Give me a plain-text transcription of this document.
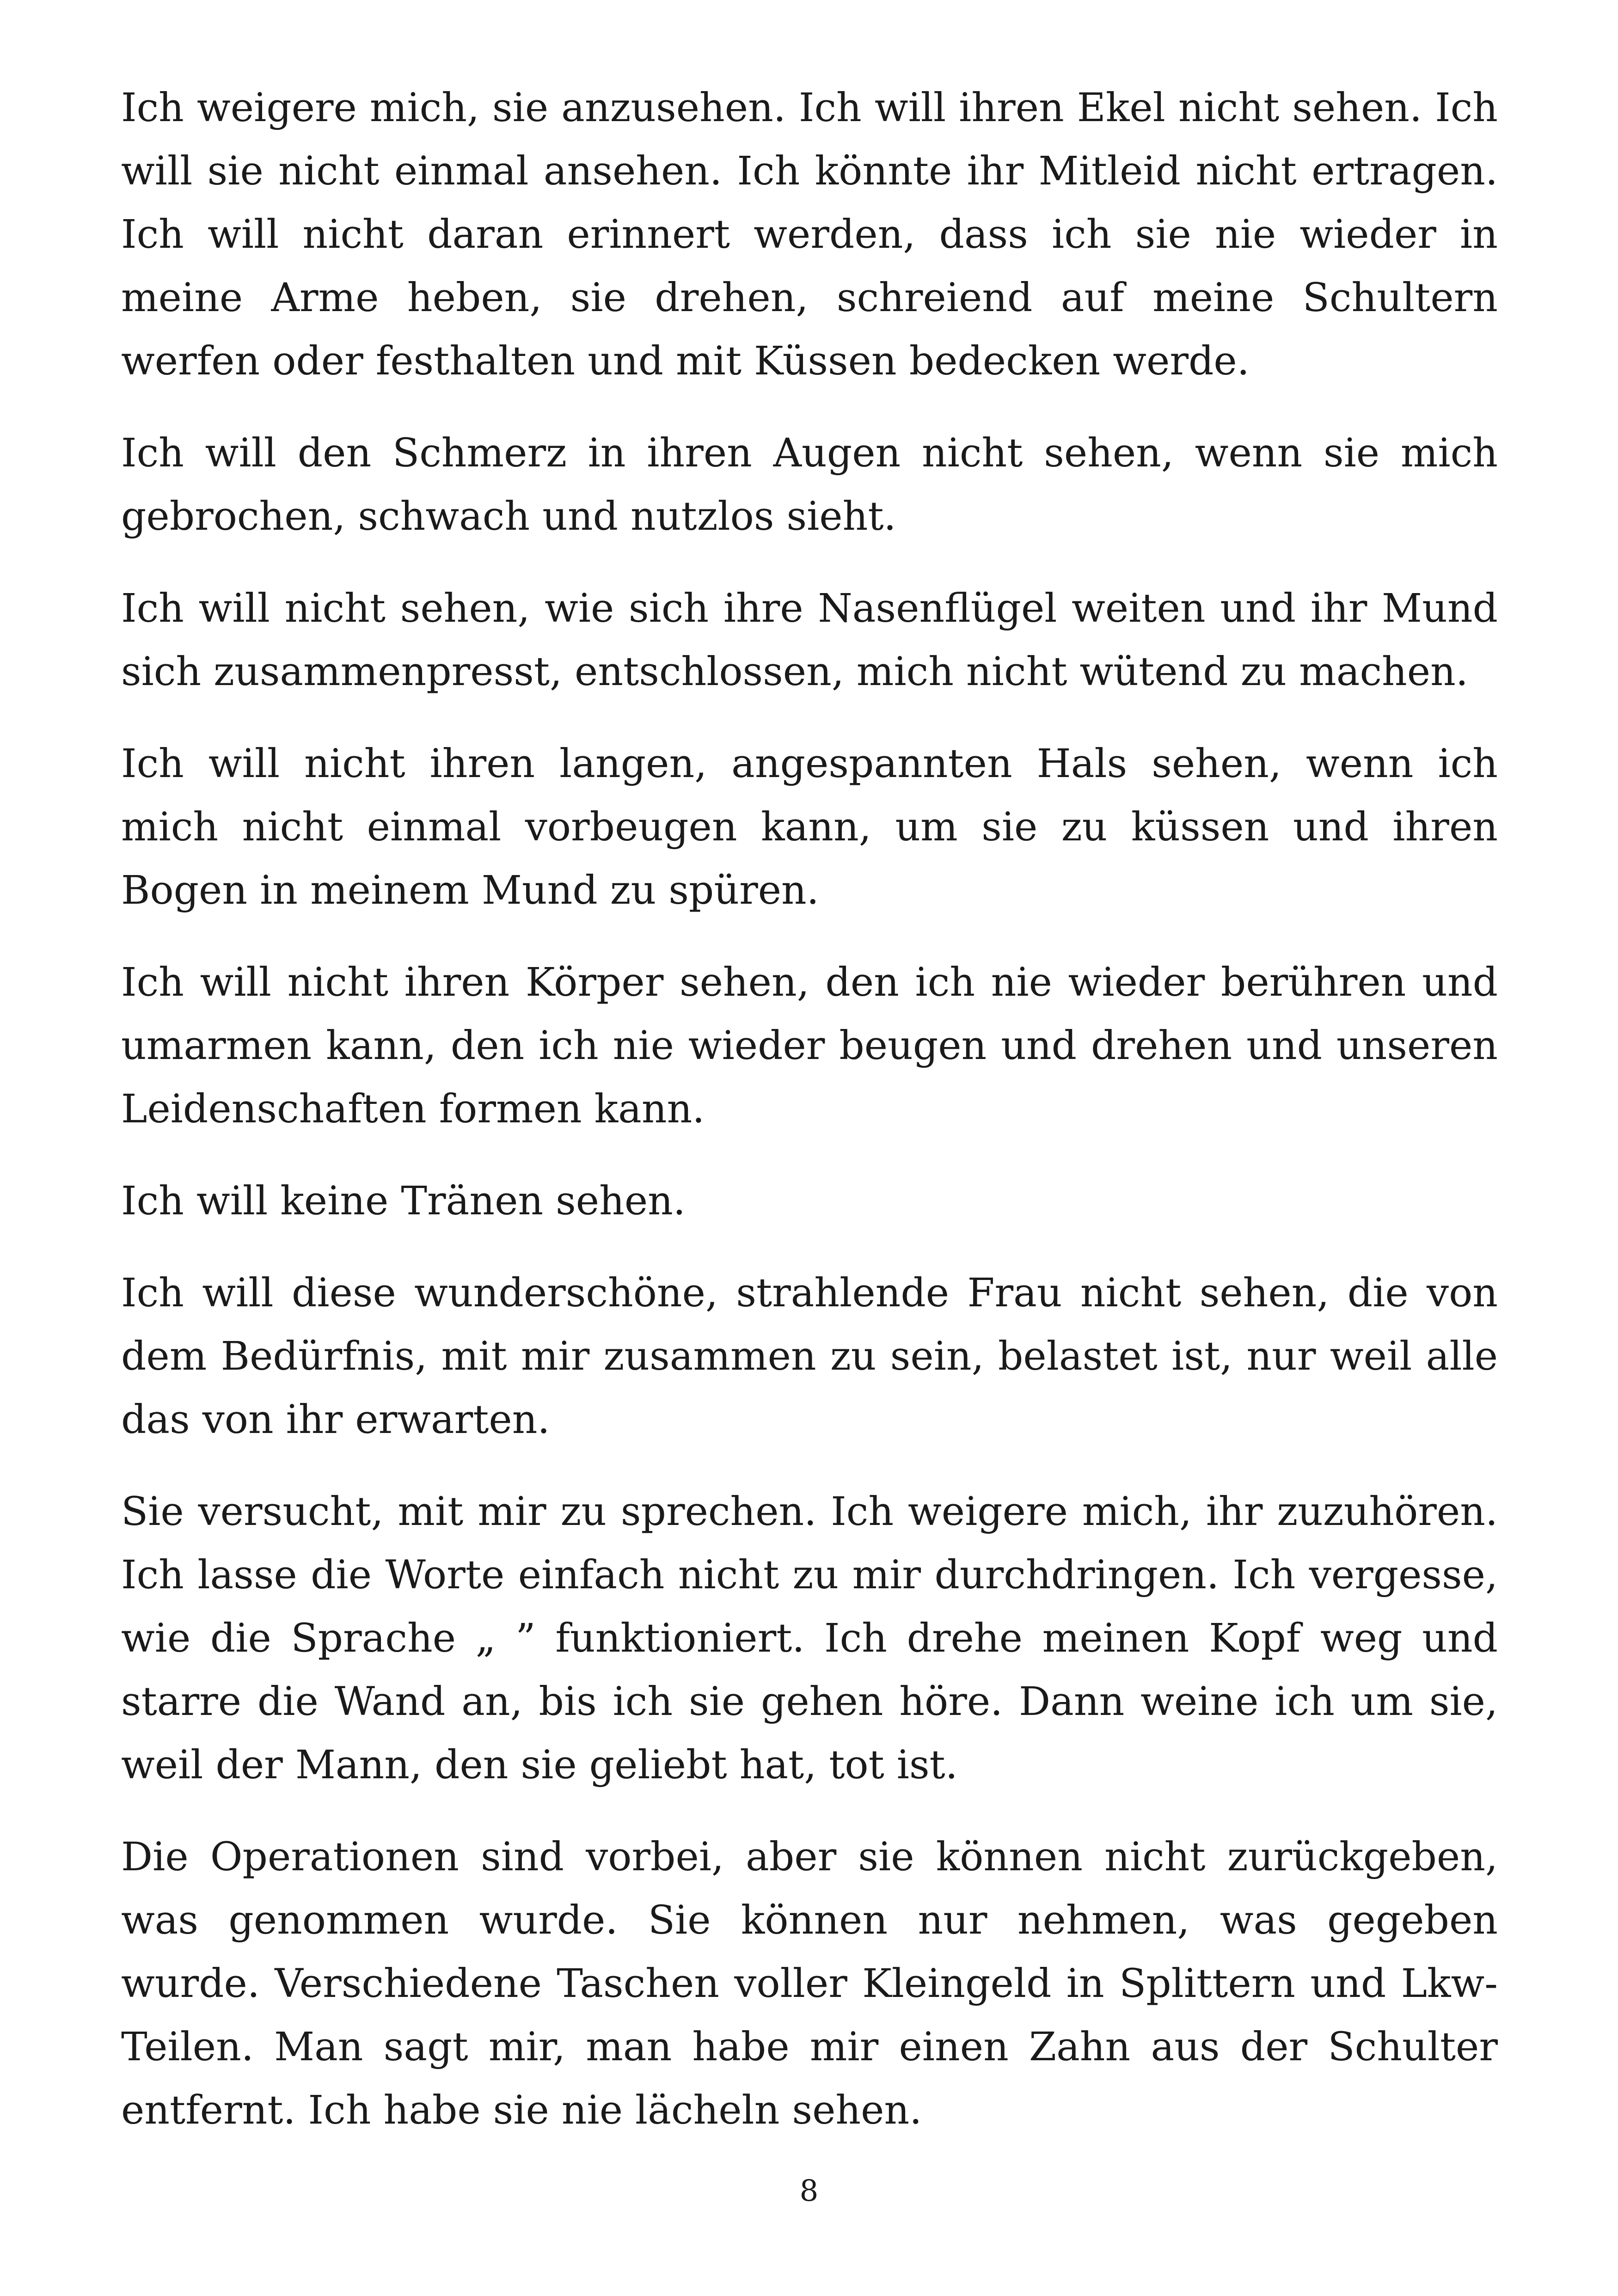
Ich weigere mich, sie anzusehen. Ich will ihren Ekel nicht sehen. Ich will sie nicht einmal ansehen. Ich könnte ihr Mitleid nicht ertragen. Ich will nicht daran erinnert werden, dass ich sie nie wieder in meine Arme heben, sie drehen, schreiend auf meine Schultern werfen oder festhalten und mit Küssen bedecken werde.

Ich will den Schmerz in ihren Augen nicht sehen, wenn sie mich gebrochen, schwach und nutzlos sieht.

Ich will nicht sehen, wie sich ihre Nasenflügel weiten und ihr Mund sich zusammenpresst, entschlossen, mich nicht wütend zu machen.

Ich will nicht ihren langen, angespannten Hals sehen, wenn ich mich nicht einmal vorbeugen kann, um sie zu küssen und ihren Bogen in meinem Mund zu spüren.

Ich will nicht ihren Körper sehen, den ich nie wieder berühren und umarmen kann, den ich nie wieder beugen und drehen und unseren Leidenschaften formen kann.

Ich will keine Tränen sehen.

Ich will diese wunderschöne, strahlende Frau nicht sehen, die von dem Bedürfnis, mit mir zusammen zu sein, belastet ist, nur weil alle das von ihr erwarten.

Sie versucht, mit mir zu sprechen. Ich weigere mich, ihr zuzuhören. Ich lasse die Worte einfach nicht zu mir durchdringen. Ich vergesse, wie die Sprache „ ” funktioniert. Ich drehe meinen Kopf weg und starre die Wand an, bis ich sie gehen höre. Dann weine ich um sie, weil der Mann, den sie geliebt hat, tot ist.

Die Operationen sind vorbei, aber sie können nicht zurückgeben, was genommen wurde. Sie können nur nehmen, was gegeben wurde. Verschiedene Taschen voller Kleingeld in Splittern und Lkw-Teilen. Man sagt mir, man habe mir einen Zahn aus der Schulter entfernt. Ich habe sie nie lächeln sehen.

8
